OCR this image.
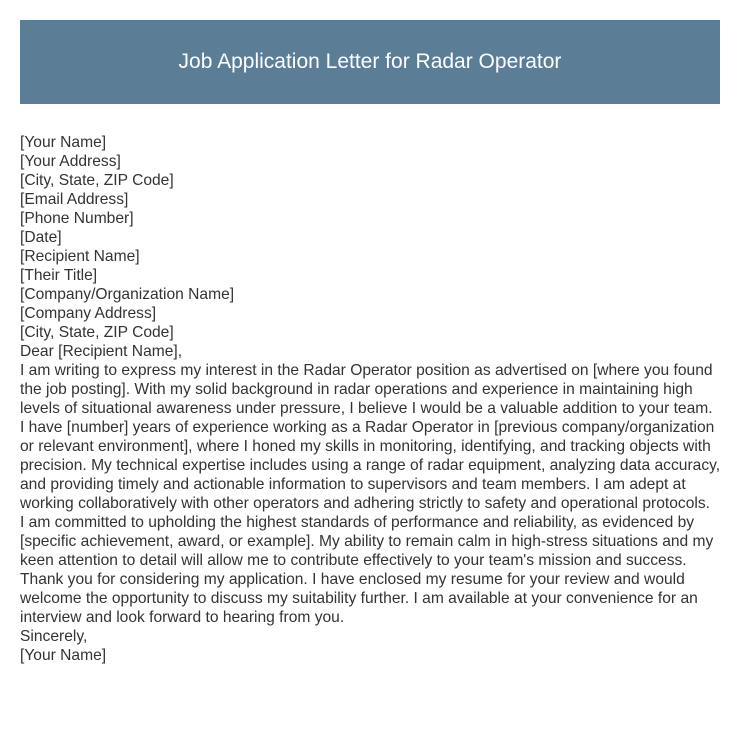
Job Application Letter for Radar Operator
[Your Name]
[Your Address]
[City, State, ZIP Code]
[Email Address]
[Phone Number]
[Date]
[Recipient Name]
[Their Title]
[Company/Organization Name]
[Company Address]
[City, State, ZIP Code]
Dear [Recipient Name],

I am writing to express my interest in the Radar Operator position as advertised on [where you found the job posting]. With my solid background in radar operations and experience in maintaining high levels of situational awareness under pressure, I believe I would be a valuable addition to your team.

I have [number] years of experience working as a Radar Operator in [previous company/organization or relevant environment], where I honed my skills in monitoring, identifying, and tracking objects with precision. My technical expertise includes using a range of radar equipment, analyzing data accuracy, and providing timely and actionable information to supervisors and team members. I am adept at working collaboratively with other operators and adhering strictly to safety and operational protocols.

I am committed to upholding the highest standards of performance and reliability, as evidenced by [specific achievement, award, or example]. My ability to remain calm in high-stress situations and my keen attention to detail will allow me to contribute effectively to your team's mission and success.

Thank you for considering my application. I have enclosed my resume for your review and would welcome the opportunity to discuss my suitability further. I am available at your convenience for an interview and look forward to hearing from you.

Sincerely,
[Your Name]
